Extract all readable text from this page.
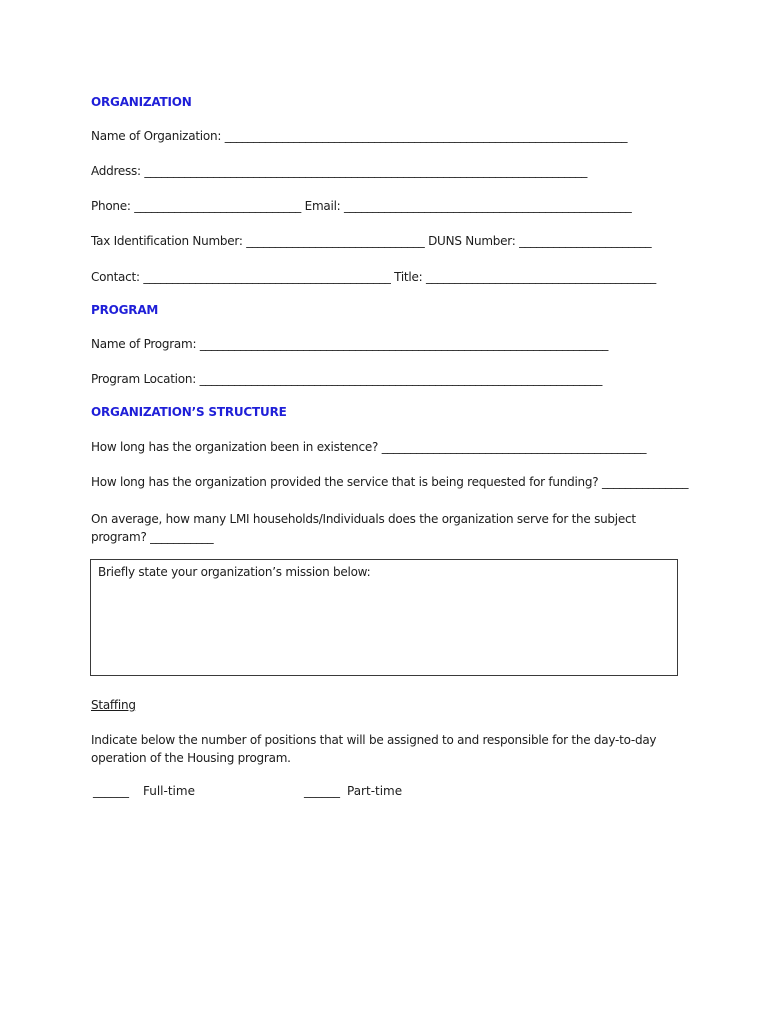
ORGANIZATION
Name of Organization: ______________________________________________________________________
Address: _____________________________________________________________________________
Phone: _____________________________ Email: __________________________________________________
Tax Identification Number: _______________________________ DUNS Number: _______________________
Contact: ___________________________________________ Title: ________________________________________
PROGRAM
Name of Program: _______________________________________________________________________
Program Location: ______________________________________________________________________
ORGANIZATION’S STRUCTURE
How long has the organization been in existence? ______________________________________________
How long has the organization provided the service that is being requested for funding? _______________
On average, how many LMI households/Individuals does the organization serve for the subject program? ___________
Briefly state your organization’s mission below:
Staffing
Indicate below the number of positions that will be assigned to and responsible for the day-to-day operation of the Housing program.
______ Full-time	______ Part-time
